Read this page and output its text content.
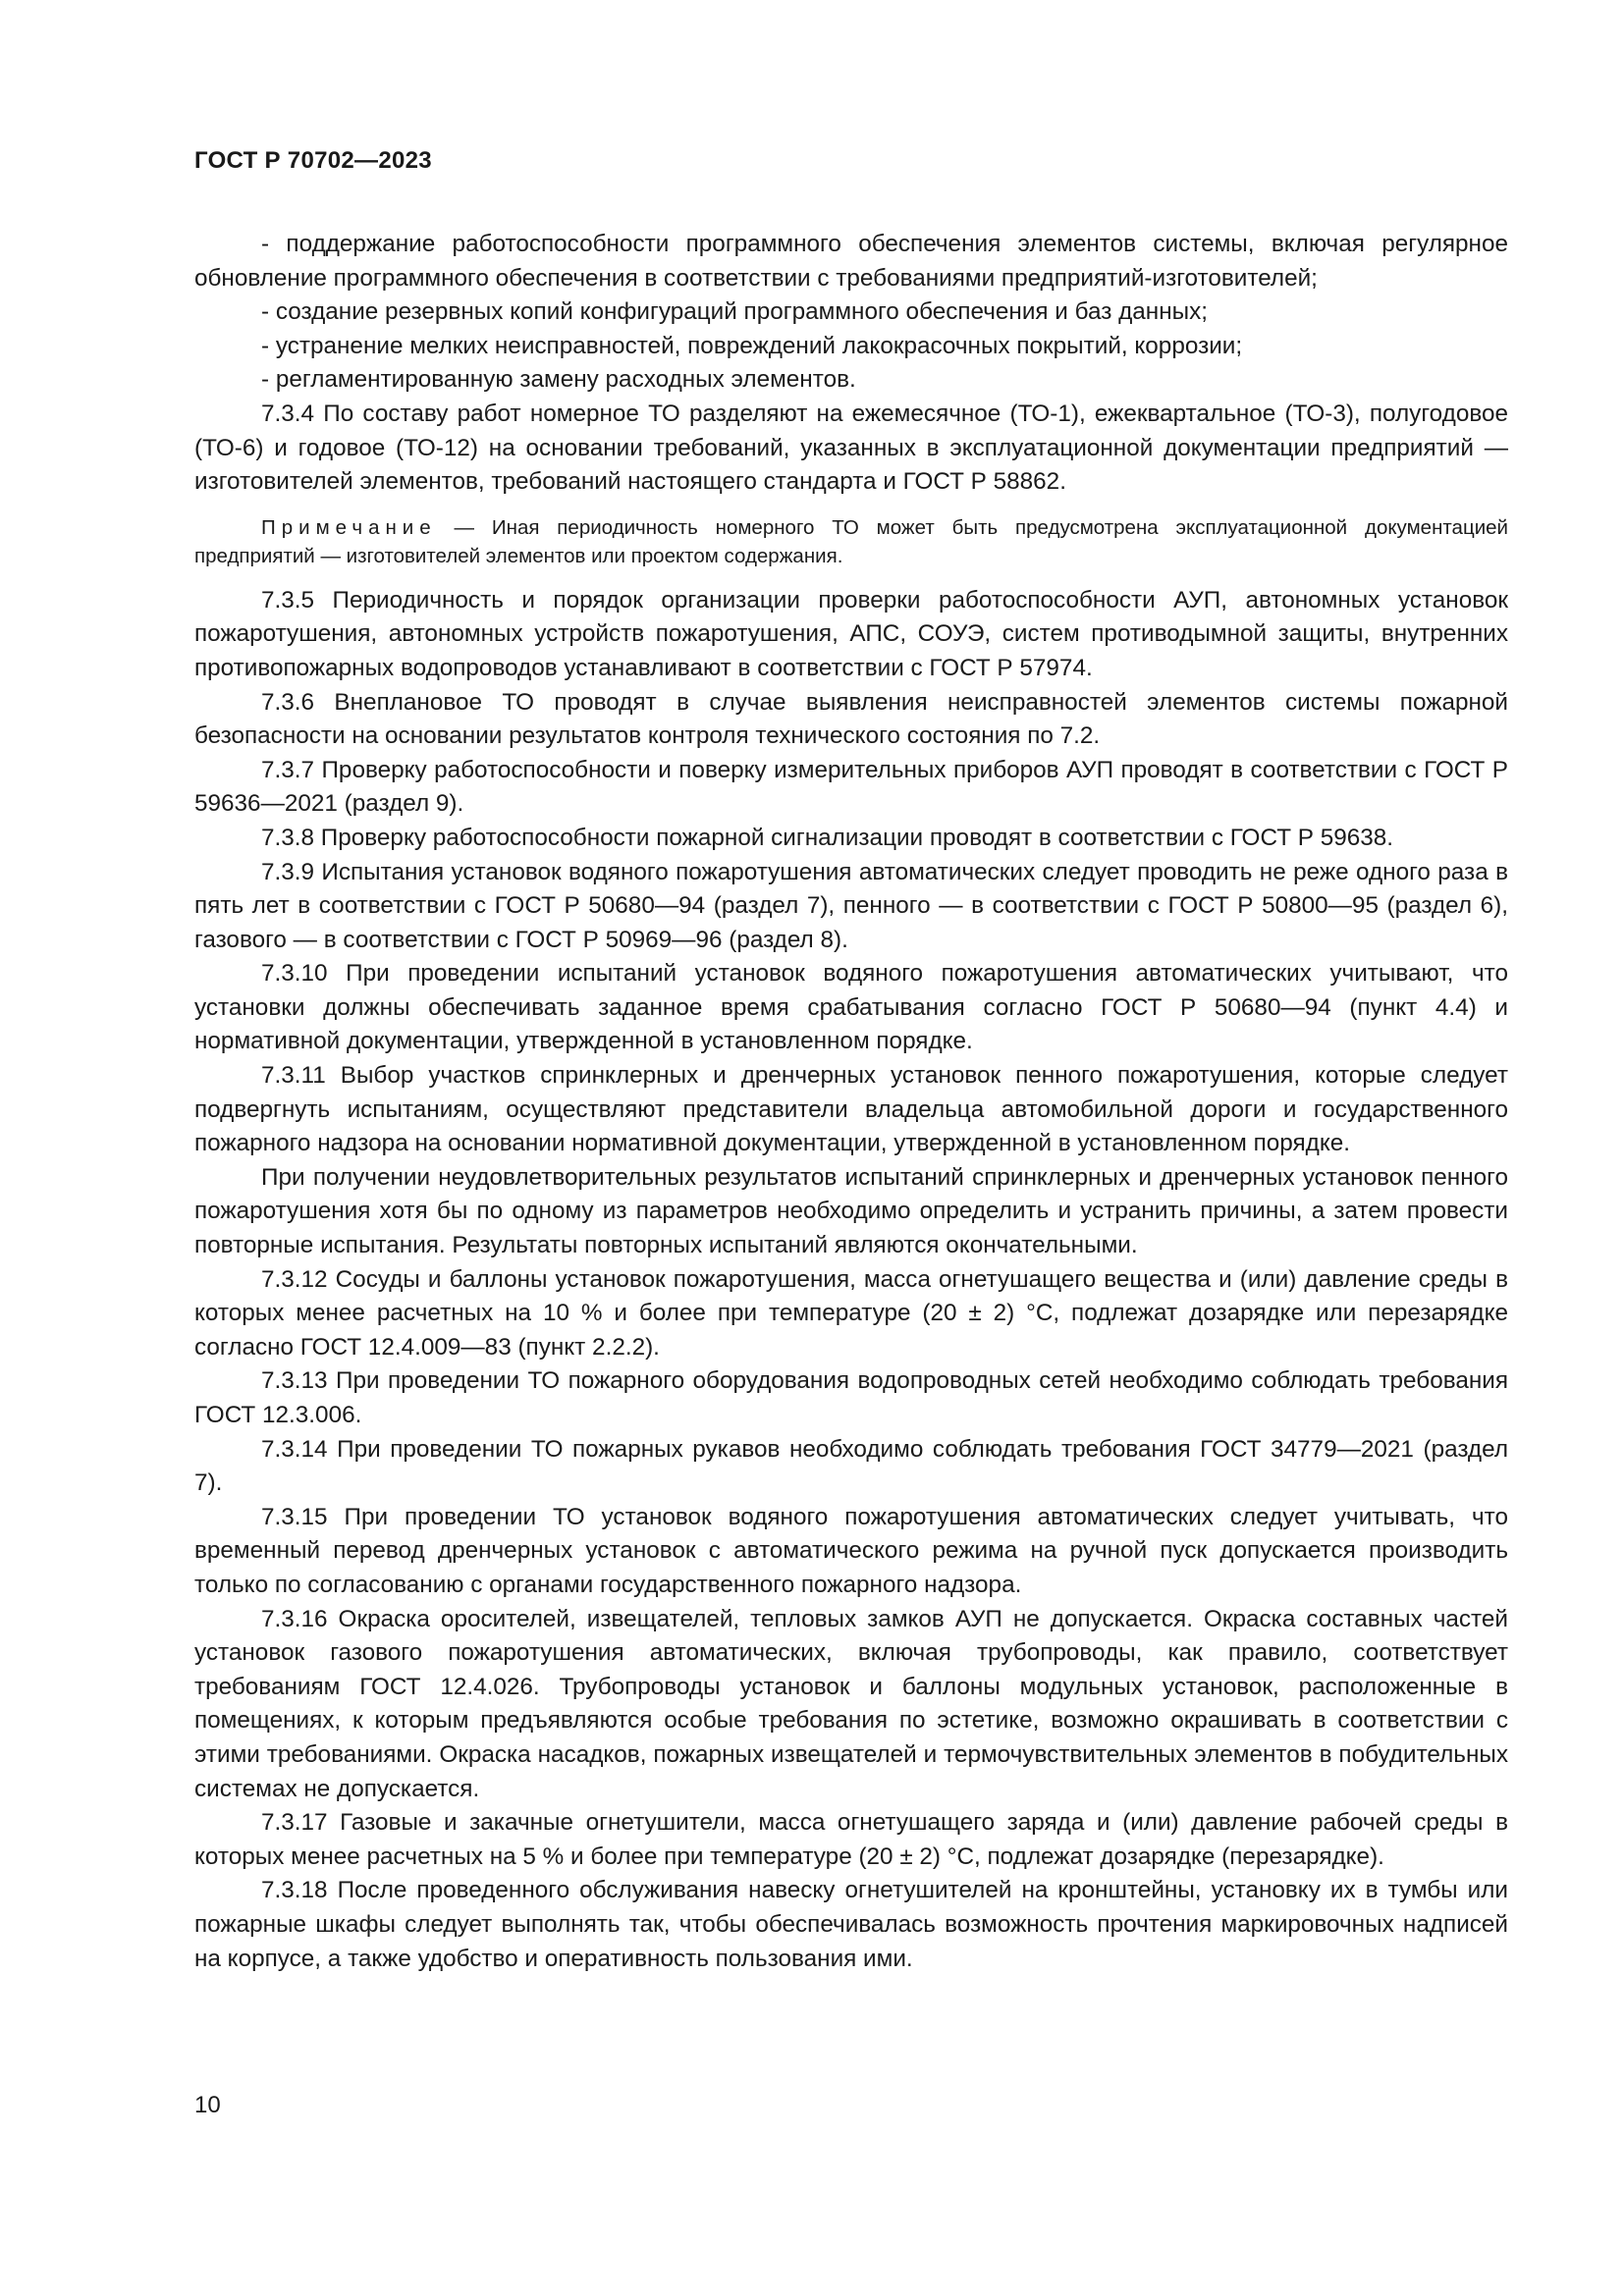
ГОСТ Р 70702—2023

- поддержание работоспособности программного обеспечения элементов системы, включая регулярное обновление программного обеспечения в соответствии с требованиями предприятий-изготовителей;

- создание резервных копий конфигураций программного обеспечения и баз данных;

- устранение мелких неисправностей, повреждений лакокрасочных покрытий, коррозии;

- регламентированную замену расходных элементов.

7.3.4 По составу работ номерное ТО разделяют на ежемесячное (ТО-1), ежеквартальное (ТО-3), полугодовое (ТО-6) и годовое (ТО-12) на основании требований, указанных в эксплуатационной документации предприятий — изготовителей элементов, требований настоящего стандарта и ГОСТ Р 58862.

Примечание — Иная периодичность номерного ТО может быть предусмотрена эксплуатационной документацией предприятий — изготовителей элементов или проектом содержания.

7.3.5 Периодичность и порядок организации проверки работоспособности АУП, автономных установок пожаротушения, автономных устройств пожаротушения, АПС, СОУЭ, систем противодымной защиты, внутренних противопожарных водопроводов устанавливают в соответствии с ГОСТ Р 57974.

7.3.6 Внеплановое ТО проводят в случае выявления неисправностей элементов системы пожарной безопасности на основании результатов контроля технического состояния по 7.2.

7.3.7 Проверку работоспособности и поверку измерительных приборов АУП проводят в соответствии с ГОСТ Р 59636—2021 (раздел 9).

7.3.8 Проверку работоспособности пожарной сигнализации проводят в соответствии с ГОСТ Р 59638.

7.3.9 Испытания установок водяного пожаротушения автоматических следует проводить не реже одного раза в пять лет в соответствии с ГОСТ Р 50680—94 (раздел 7), пенного — в соответствии с ГОСТ Р 50800—95 (раздел 6), газового — в соответствии с ГОСТ Р 50969—96 (раздел 8).

7.3.10 При проведении испытаний установок водяного пожаротушения автоматических учитывают, что установки должны обеспечивать заданное время срабатывания согласно ГОСТ Р 50680—94 (пункт 4.4) и нормативной документации, утвержденной в установленном порядке.

7.3.11 Выбор участков спринклерных и дренчерных установок пенного пожаротушения, которые следует подвергнуть испытаниям, осуществляют представители владельца автомобильной дороги и государственного пожарного надзора на основании нормативной документации, утвержденной в установленном порядке.

При получении неудовлетворительных результатов испытаний спринклерных и дренчерных установок пенного пожаротушения хотя бы по одному из параметров необходимо определить и устранить причины, а затем провести повторные испытания. Результаты повторных испытаний являются окончательными.

7.3.12 Сосуды и баллоны установок пожаротушения, масса огнетушащего вещества и (или) давление среды в которых менее расчетных на 10 % и более при температуре (20 ± 2) °С, подлежат дозарядке или перезарядке согласно ГОСТ 12.4.009—83 (пункт 2.2.2).

7.3.13 При проведении ТО пожарного оборудования водопроводных сетей необходимо соблюдать требования ГОСТ 12.3.006.

7.3.14 При проведении ТО пожарных рукавов необходимо соблюдать требования ГОСТ 34779—2021 (раздел 7).

7.3.15 При проведении ТО установок водяного пожаротушения автоматических следует учитывать, что временный перевод дренчерных установок с автоматического режима на ручной пуск допускается производить только по согласованию с органами государственного пожарного надзора.

7.3.16 Окраска оросителей, извещателей, тепловых замков АУП не допускается. Окраска составных частей установок газового пожаротушения автоматических, включая трубопроводы, как правило, соответствует требованиям ГОСТ 12.4.026. Трубопроводы установок и баллоны модульных установок, расположенные в помещениях, к которым предъявляются особые требования по эстетике, возможно окрашивать в соответствии с этими требованиями. Окраска насадков, пожарных извещателей и термочувствительных элементов в побудительных системах не допускается.

7.3.17 Газовые и закачные огнетушители, масса огнетушащего заряда и (или) давление рабочей среды в которых менее расчетных на 5 % и более при температуре (20 ± 2) °С, подлежат дозарядке (перезарядке).

7.3.18 После проведенного обслуживания навеску огнетушителей на кронштейны, установку их в тумбы или пожарные шкафы следует выполнять так, чтобы обеспечивалась возможность прочтения маркировочных надписей на корпусе, а также удобство и оперативность пользования ими.

10
